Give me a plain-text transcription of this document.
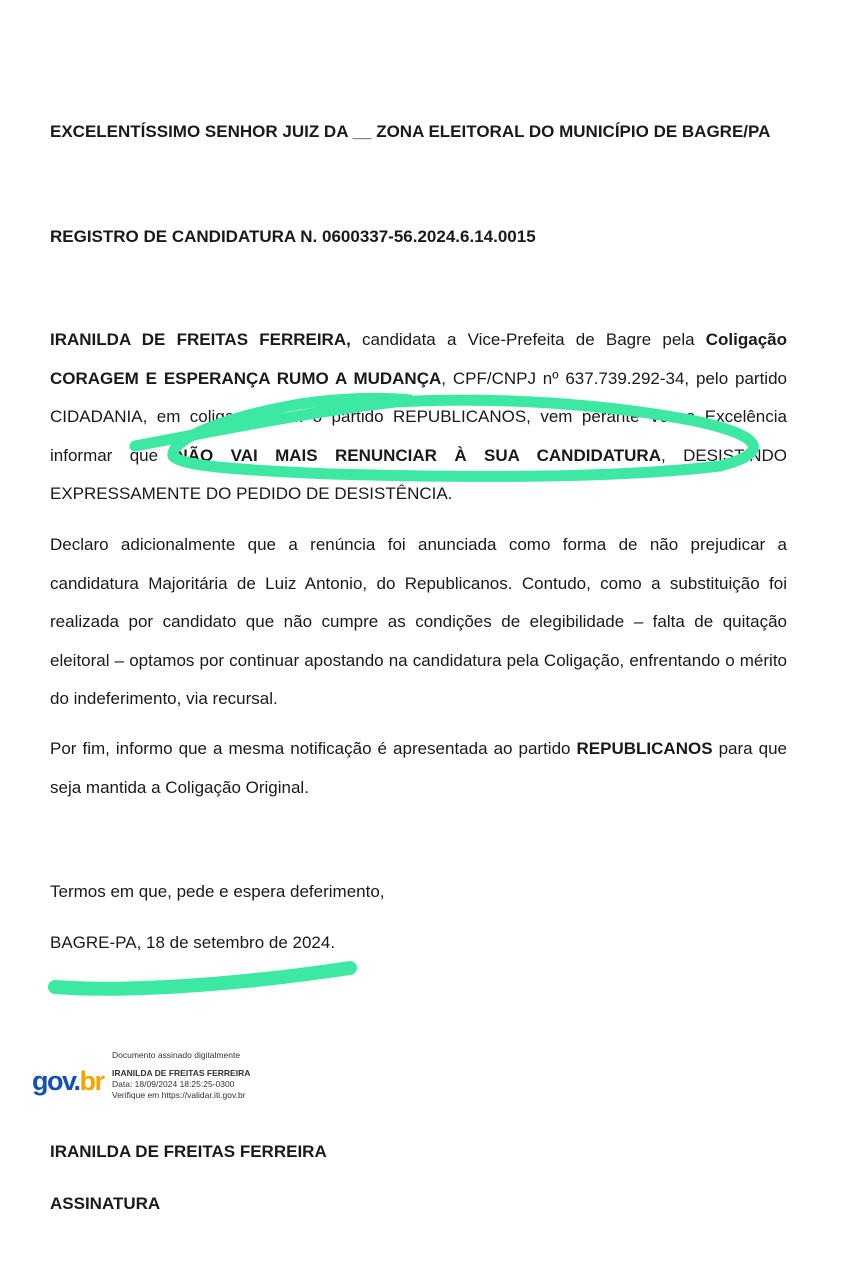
EXCELENTÍSSIMO SENHOR JUIZ DA __ ZONA ELEITORAL DO MUNICÍPIO DE BAGRE/PA
REGISTRO DE CANDIDATURA N. 0600337-56.2024.6.14.0015

IRANILDA DE FREITAS FERREIRA, candidata a Vice-Prefeita de Bagre pela Coligação CORAGEM E ESPERANÇA RUMO A MUDANÇA, CPF/CNPJ nº 637.739.292-34, pelo partido CIDADANIA, em coligação com o partido REPUBLICANOS, vem perante Vossa Excelência informar que NÃO VAI MAIS RENUNCIAR À SUA CANDIDATURA, DESISTINDO EXPRESSAMENTE DO PEDIDO DE DESISTÊNCIA.

Declaro adicionalmente que a renúncia foi anunciada como forma de não prejudicar a candidatura Majoritária de Luiz Antonio, do Republicanos. Contudo, como a substituição foi realizada por candidato que não cumpre as condições de elegibilidade – falta de quitação eleitoral – optamos por continuar apostando na candidatura pela Coligação, enfrentando o mérito do indeferimento, via recursal.

Por fim, informo que a mesma notificação é apresentada ao partido REPUBLICANOS para que seja mantida a Coligação Original.

Termos em que, pede e espera deferimento,
BAGRE-PA, 18 de setembro de 2024.
IRANILDA DE FREITAS FERREIRA
ASSINATURA
gov.br
Documento assinado digitalmente
IRANILDA DE FREITAS FERREIRA
Data: 18/09/2024 18:25:25-0300
Verifique em https://validar.iti.gov.br
